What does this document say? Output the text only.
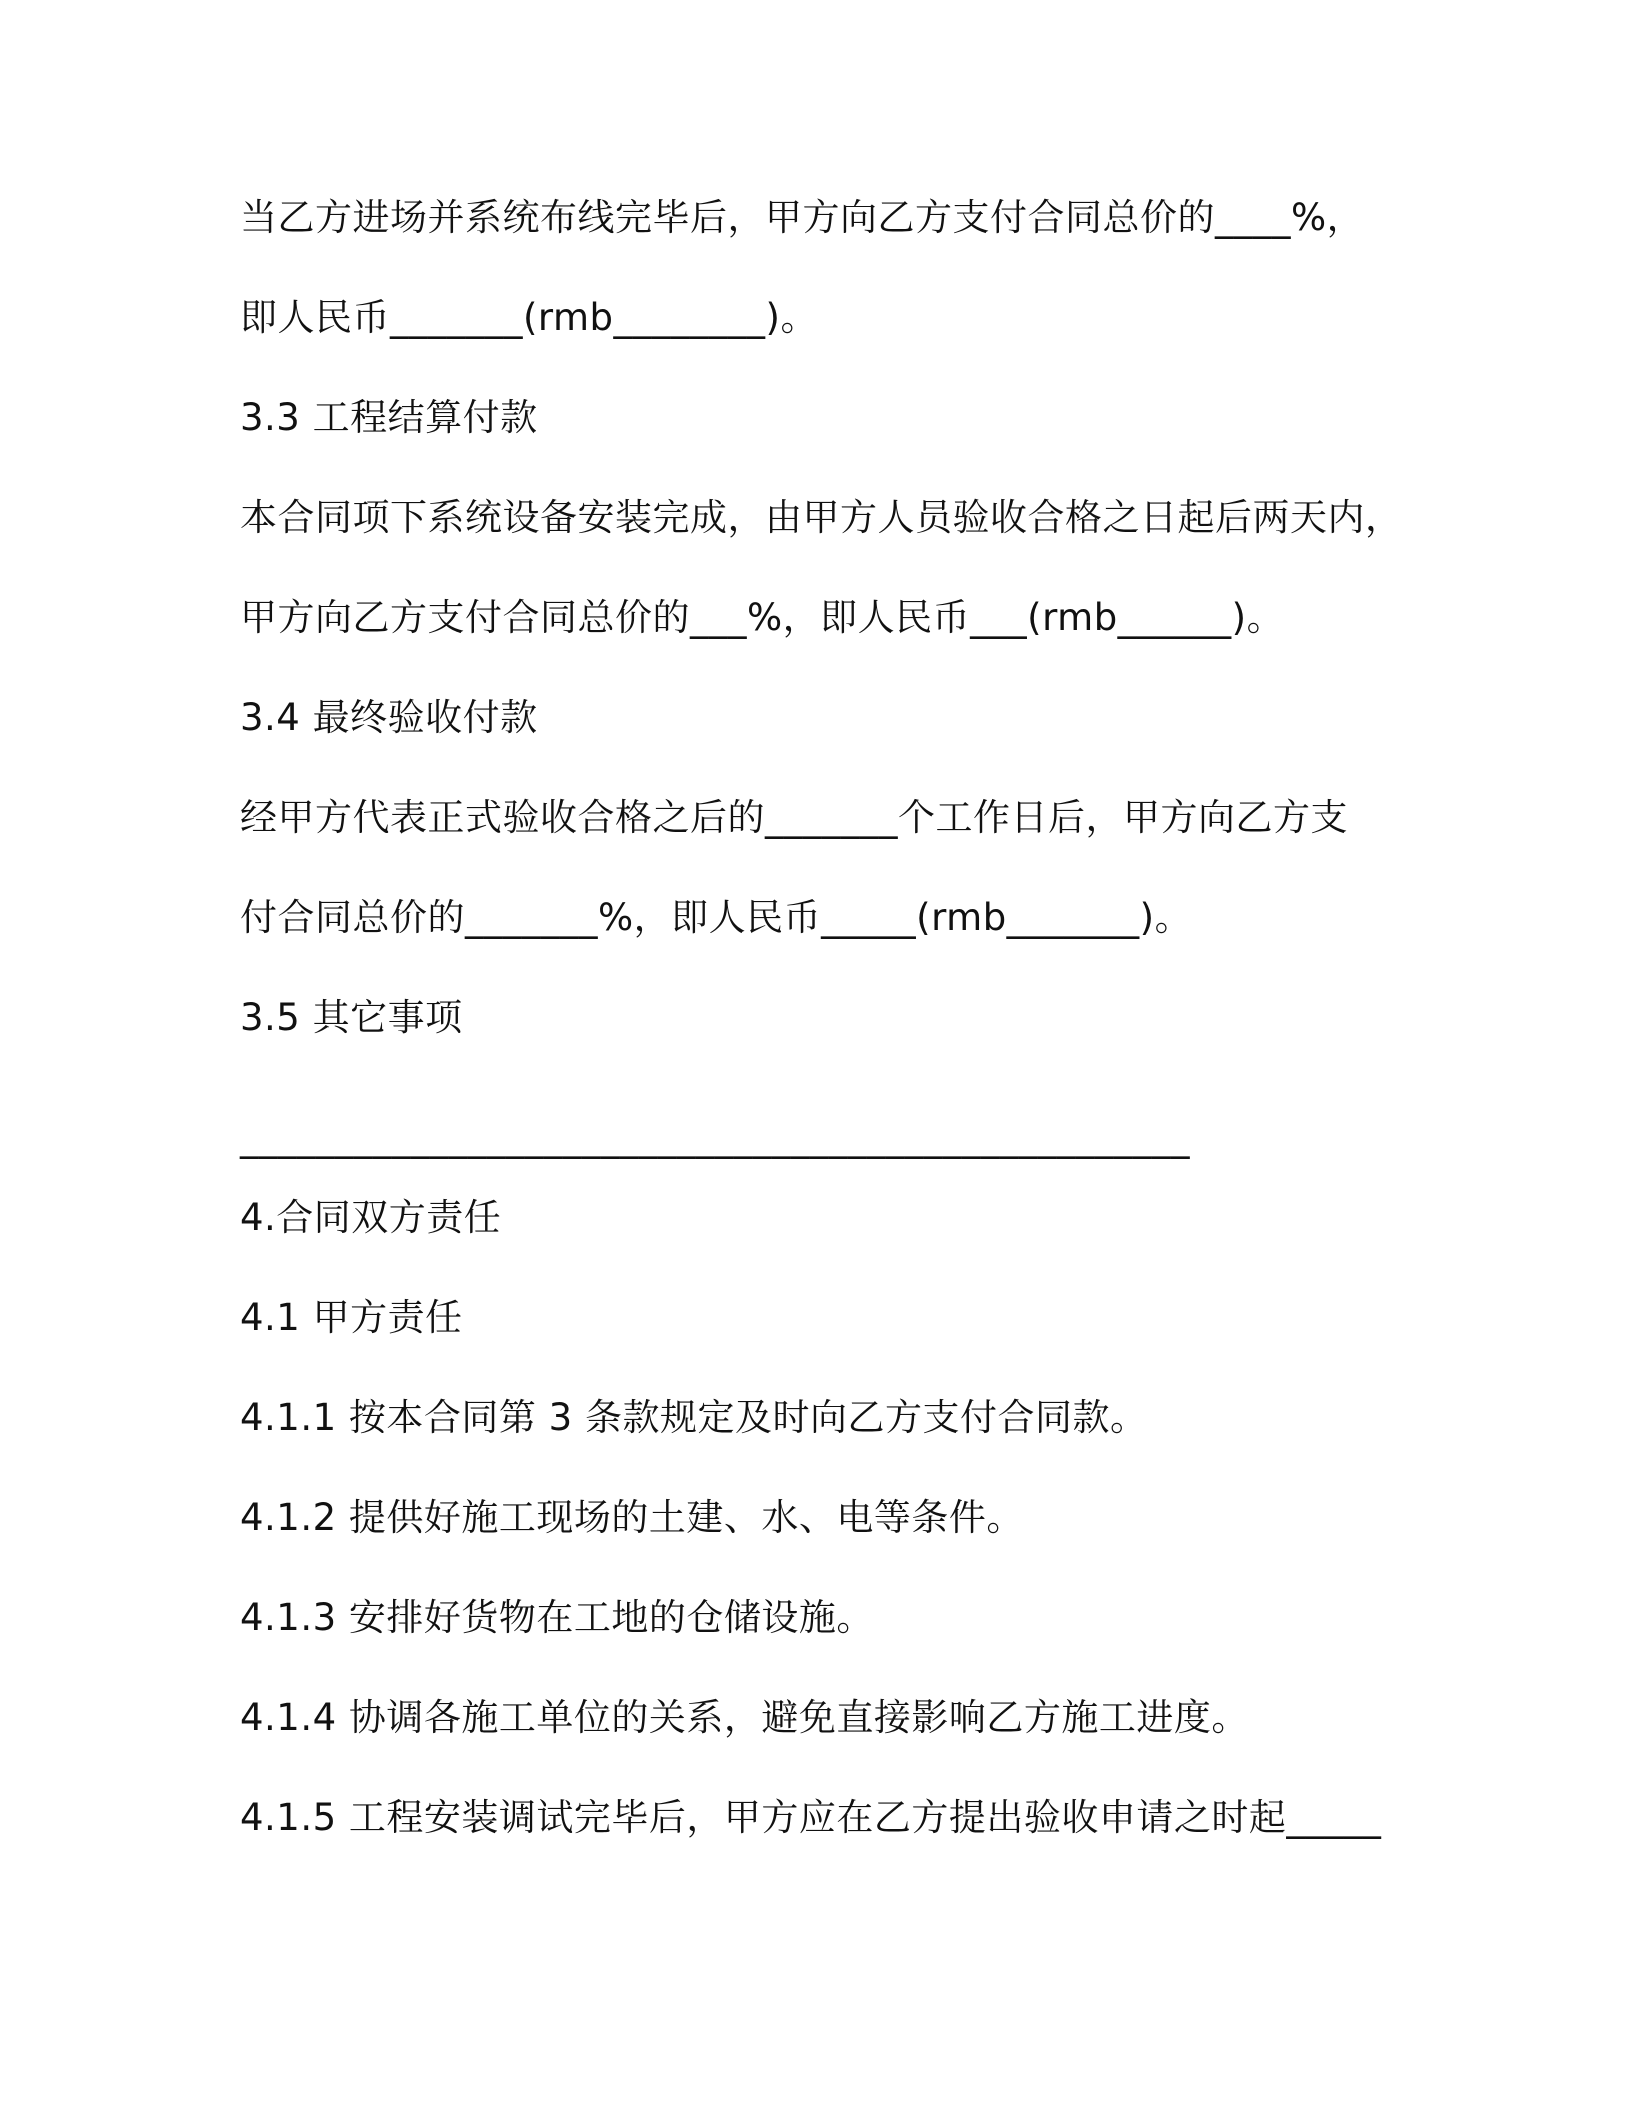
当乙方进场并系统布线完毕后，甲方向乙方支付合同总价的____%，
即人民币_______(rmb________)。
3.3 工程结算付款
本合同项下系统设备安装完成，由甲方人员验收合格之日起后两天内，
甲方向乙方支付合同总价的___%，即人民币___(rmb______)。
3.4 最终验收付款
经甲方代表正式验收合格之后的_______个工作日后，甲方向乙方支
付合同总价的_______%，即人民币_____(rmb_______)。
3.5 其它事项
__________________________________________________
4.合同双方责任
4.1 甲方责任
4.1.1 按本合同第 3 条款规定及时向乙方支付合同款。
4.1.2 提供好施工现场的土建、水、电等条件。
4.1.3 安排好货物在工地的仓储设施。
4.1.4 协调各施工单位的关系，避免直接影响乙方施工进度。
4.1.5 工程安装调试完毕后，甲方应在乙方提出验收申请之时起_____
